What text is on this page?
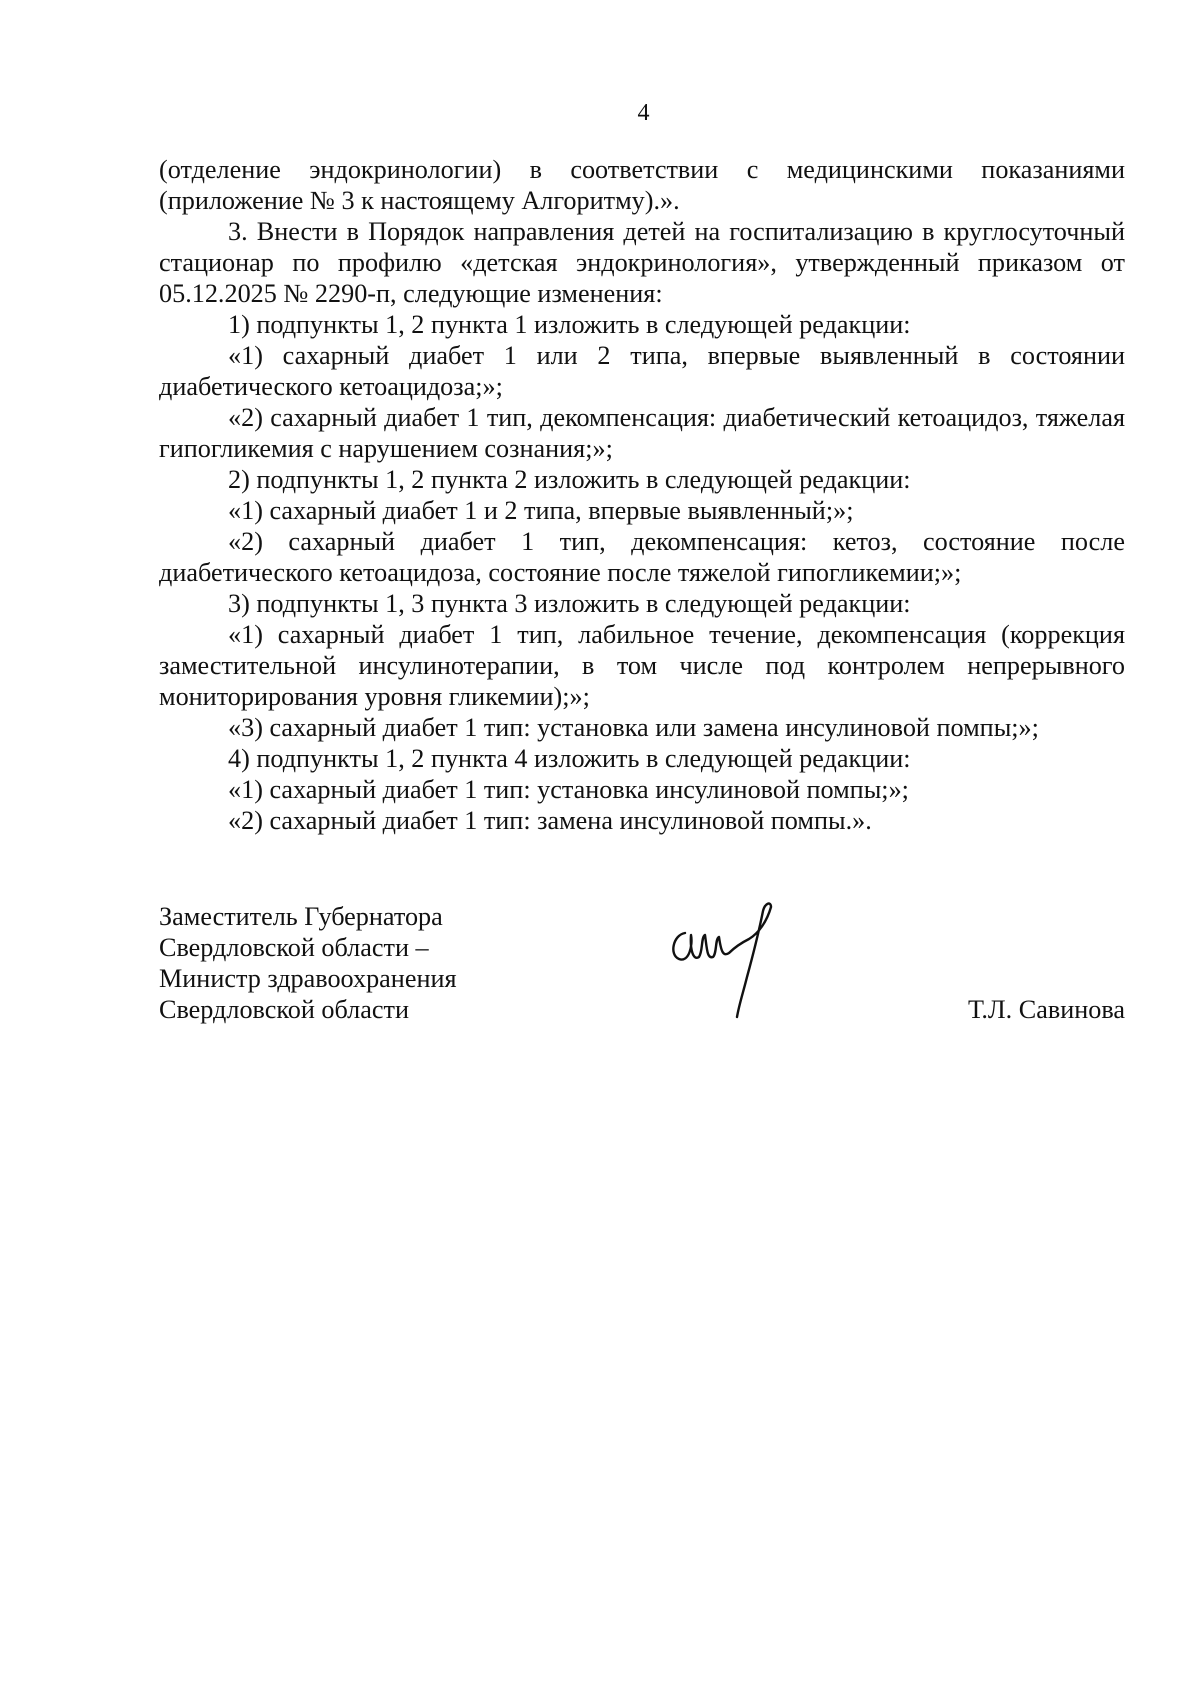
4

(отделение эндокринологии) в соответствии с медицинскими показаниями (приложение № 3 к настоящему Алгоритму).».

3. Внести в Порядок направления детей на госпитализацию в круглосуточный стационар по профилю «детская эндокринология», утвержденный приказом от 05.12.2025 № 2290-п, следующие изменения:

1) подпункты 1, 2 пункта 1 изложить в следующей редакции:

«1) сахарный диабет 1 или 2 типа, впервые выявленный в состоянии диабетического кетоацидоза;»;

«2) сахарный диабет 1 тип, декомпенсация: диабетический кетоацидоз, тяжелая гипогликемия с нарушением сознания;»;

2) подпункты 1, 2 пункта 2 изложить в следующей редакции:

«1) сахарный диабет 1 и 2 типа, впервые выявленный;»;

«2) сахарный диабет 1 тип, декомпенсация: кетоз, состояние после диабетического кетоацидоза, состояние после тяжелой гипогликемии;»;

3) подпункты 1, 3 пункта 3 изложить в следующей редакции:

«1) сахарный диабет 1 тип, лабильное течение, декомпенсация (коррекция заместительной инсулинотерапии, в том числе под контролем непрерывного мониторирования уровня гликемии);»;

«3) сахарный диабет 1 тип: установка или замена инсулиновой помпы;»;

4) подпункты 1, 2 пункта 4 изложить в следующей редакции:

«1) сахарный диабет 1 тип: установка инсулиновой помпы;»;

«2) сахарный диабет 1 тип: замена инсулиновой помпы.».

Заместитель Губернатора
Свердловской области –
Министр здравоохранения
Свердловской области	Т.Л. Савинова
